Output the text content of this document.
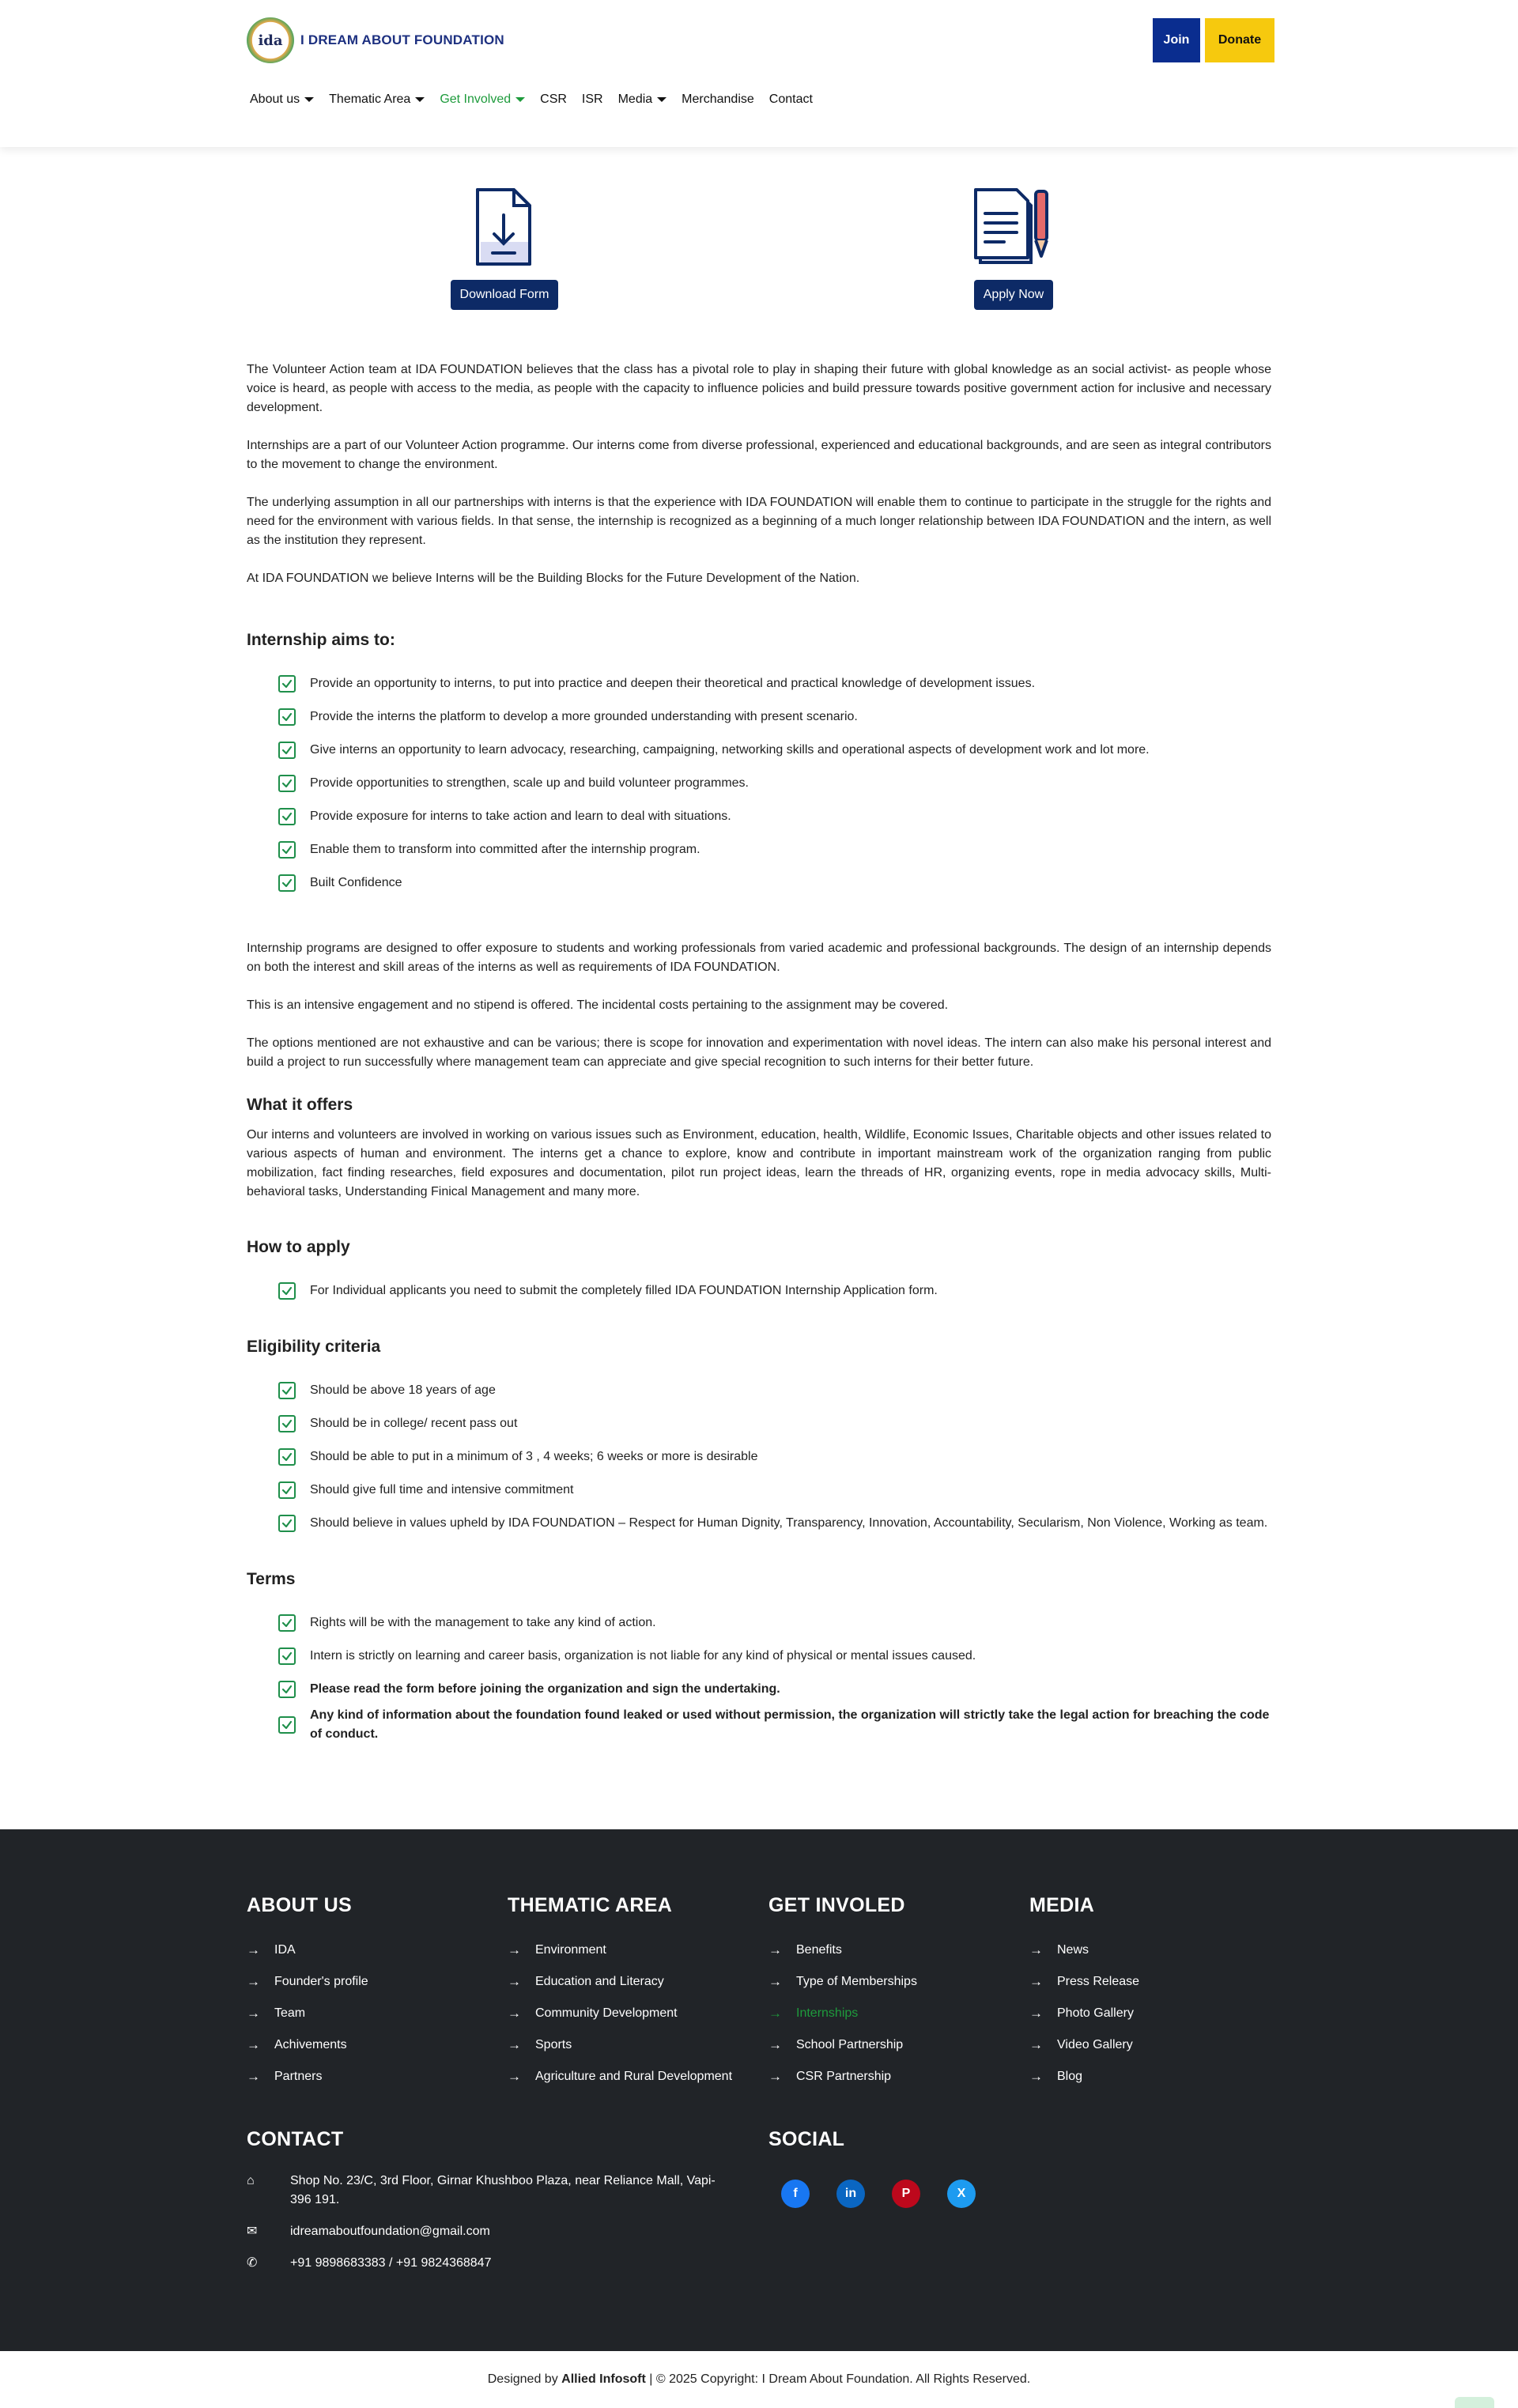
ida I DREAM ABOUT FOUNDATION	Join	Donate
About us Thematic Area Get Involved CSR ISR Media Merchandise Contact
Download Form	Apply Now

The Volunteer Action team at IDA FOUNDATION believes that the class has a pivotal role to play in shaping their future with global knowledge as an social activist- as people whose voice is heard, as people with access to the media, as people with the capacity to influence policies and build pressure towards positive government action for inclusive and necessary development.

Internships are a part of our Volunteer Action programme. Our interns come from diverse professional, experienced and educational backgrounds, and are seen as integral contributors to the movement to change the environment.

The underlying assumption in all our partnerships with interns is that the experience with IDA FOUNDATION will enable them to continue to participate in the struggle for the rights and need for the environment with various fields. In that sense, the internship is recognized as a beginning of a much longer relationship between IDA FOUNDATION and the intern, as well as the institution they represent.

At IDA FOUNDATION we believe Interns will be the Building Blocks for the Future Development of the Nation.

Internship aims to:
Provide an opportunity to interns, to put into practice and deepen their theoretical and practical knowledge of development issues.
Provide the interns the platform to develop a more grounded understanding with present scenario.
Give interns an opportunity to learn advocacy, researching, campaigning, networking skills and operational aspects of development work and lot more.
Provide opportunities to strengthen, scale up and build volunteer programmes.
Provide exposure for interns to take action and learn to deal with situations.
Enable them to transform into committed after the internship program.
Built Confidence

Internship programs are designed to offer exposure to students and working professionals from varied academic and professional backgrounds. The design of an internship depends on both the interest and skill areas of the interns as well as requirements of IDA FOUNDATION.

This is an intensive engagement and no stipend is offered. The incidental costs pertaining to the assignment may be covered.

The options mentioned are not exhaustive and can be various; there is scope for innovation and experimentation with novel ideas. The intern can also make his personal interest and build a project to run successfully where management team can appreciate and give special recognition to such interns for their better future.

What it offers
Our interns and volunteers are involved in working on various issues such as Environment, education, health, Wildlife, Economic Issues, Charitable objects and other issues related to various aspects of human and environment. The interns get a chance to explore, know and contribute in important mainstream work of the organization ranging from public mobilization, fact finding researches, field exposures and documentation, pilot run project ideas, learn the threads of HR, organizing events, rope in media advocacy skills, Multi- behavioral tasks, Understanding Finical Management and many more.
How to apply
For Individual applicants you need to submit the completely filled IDA FOUNDATION Internship Application form.
Eligibility criteria
Should be above 18 years of age
Should be in college/ recent pass out
Should be able to put in a minimum of 3 , 4 weeks; 6 weeks or more is desirable
Should give full time and intensive commitment
Should believe in values upheld by IDA FOUNDATION – Respect for Human Dignity, Transparency, Innovation, Accountability, Secularism, Non Violence, Working as team.
Terms
Rights will be with the management to take any kind of action.
Intern is strictly on learning and career basis, organization is not liable for any kind of physical or mental issues caused.
Please read the form before joining the organization and sign the undertaking.
Any kind of information about the foundation found leaked or used without permission, the organization will strictly take the legal action for breaching the code of conduct.
ABOUT US
→ IDA
→ Founder's profile
→ Team
→ Achivements
→ Partners
THEMATIC AREA
→ Environment
→ Education and Literacy
→ Community Development
→ Sports
→ Agriculture and Rural Development
GET INVOLED
→ Benefits
→ Type of Memberships
→ Internships
→ School Partnership
→ CSR Partnership
MEDIA
→ News
→ Press Release
→ Photo Gallery
→ Video Gallery
→ Blog
CONTACT
⌂	Shop No. 23/C, 3rd Floor, Girnar Khushboo Plaza, near Reliance Mall, Vapi-396 191.
✉	idreamaboutfoundation@gmail.com
✆	+91 9898683383 / +91 9824368847
SOCIAL
f	in	P	X
Designed by Allied Infosoft | © 2025 Copyright: I Dream About Foundation. All Rights Reserved.
